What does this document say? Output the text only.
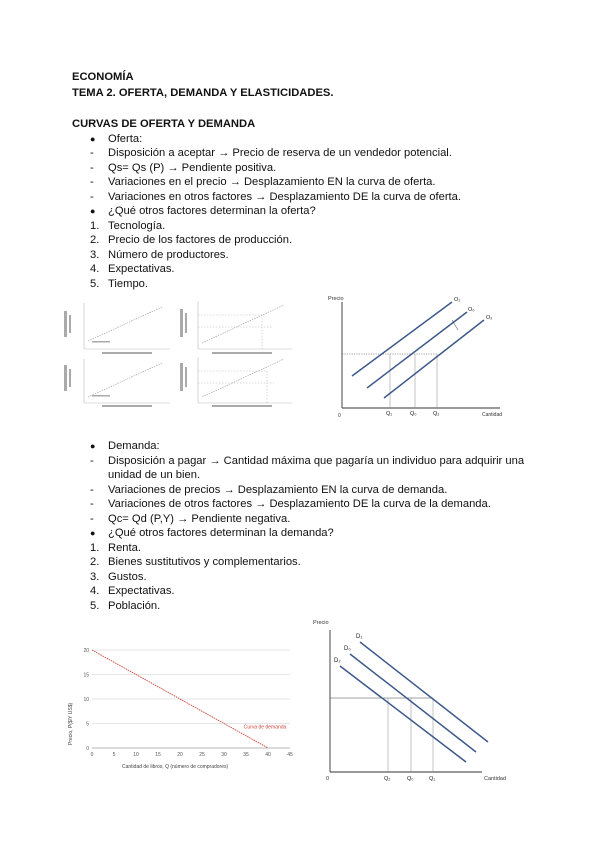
ECONOMÍA
TEMA 2. OFERTA, DEMANDA Y ELASTICIDADES.
CURVAS DE OFERTA Y DEMANDA
● Oferta:
- Disposición a aceptar → Precio de reserva de un vendedor potencial.
- Qs= Qs (P) → Pendiente positiva.
- Variaciones en el precio → Desplazamiento EN la curva de oferta.
- Variaciones en otros factores → Desplazamiento DE la curva de oferta.
● ¿Qué otros factores determinan la oferta?
1. Tecnología.
2. Precio de los factores de producción.
3. Número de productores.
4. Expectativas.
5. Tiempo.
Precio
Cantidad
0
O₁
O₀
O₂
Q₁	Q₀	Q₂
● Demanda:
- Disposición a pagar → Cantidad máxima que pagaría un individuo para adquirir una
unidad de un bien.
- Variaciones de precios → Desplazamiento EN la curva de demanda.
- Variaciones de otros factores → Desplazamiento DE la curva de la demanda.
- Qc= Qd (P,Y) → Pendiente negativa.
● ¿Qué otros factores determinan la demanda?
1. Renta.
2. Bienes sustitutivos y complementarios.
3. Gustos.
4. Expectativas.
5. Población.
Precio, P($/Y US$)
Cantidad de libros, Q (número de compradores)
0
5
10
15
20
0	5	10	15	20	25	30	35	40	45
Curva de demanda
Precio
Cantidad
0
D₁
D₀
D₂
Q₂	Q₀	Q₁
